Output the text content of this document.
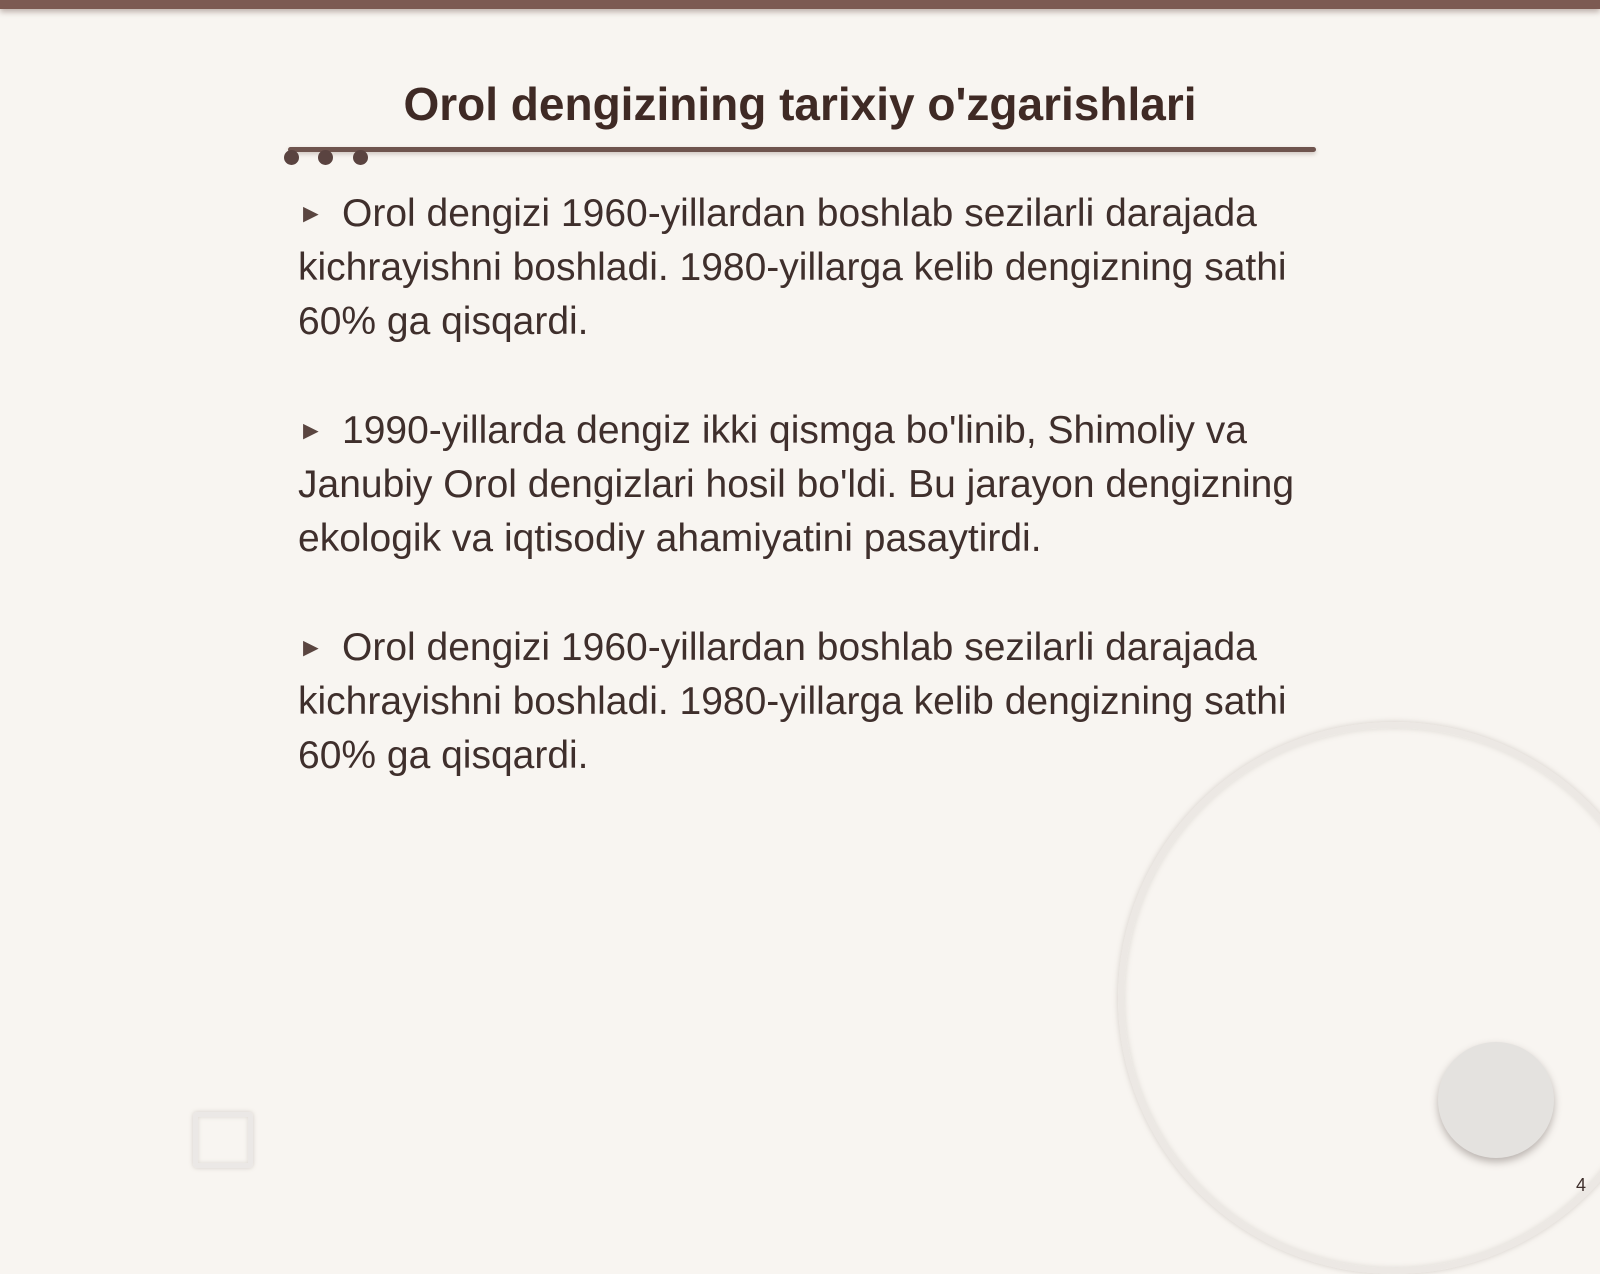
Orol dengizining tarixiy o'zgarishlari

► Orol dengizi 1960-yillardan boshlab sezilarli darajada kichrayishni boshladi. 1980-yillarga kelib dengizning sathi 60% ga qisqardi.

► 1990-yillarda dengiz ikki qismga bo'linib, Shimoliy va Janubiy Orol dengizlari hosil bo'ldi. Bu jarayon dengizning ekologik va iqtisodiy ahamiyatini pasaytirdi.

► Orol dengizi 1960-yillardan boshlab sezilarli darajada kichrayishni boshladi. 1980-yillarga kelib dengizning sathi 60% ga qisqardi.

4
